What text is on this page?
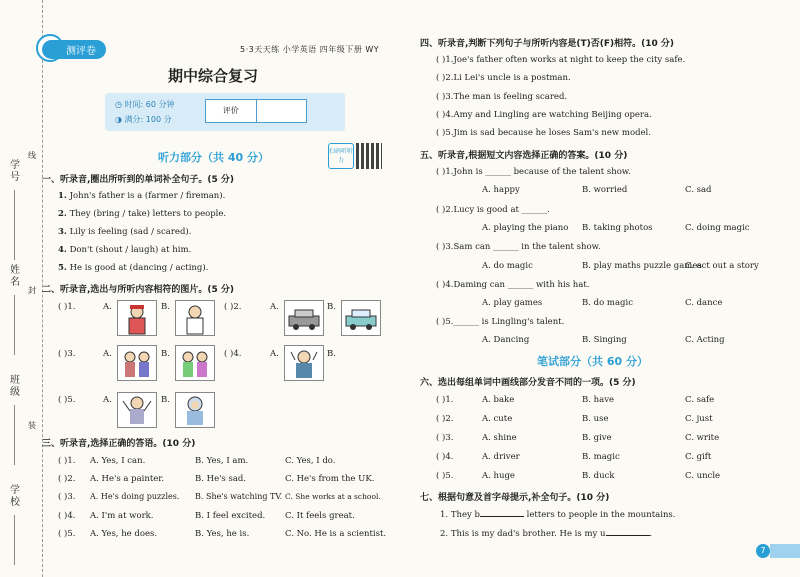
学号
姓名
班级
学校
线
封
装
测评卷	5·3天天练 小学英语 四年级下册 WY
期中综合复习
◷ 时间: 60 分钟
◑ 满分: 100 分
评价
扫码听听力
听力部分（共 40 分）
一、听录音,圈出所听到的单词补全句子。(5 分)
1. John's father is a (farmer / fireman).
2. They (bring / take) letters to people.
3. Lily is feeling (sad / scared).
4. Don't (shout / laugh) at him.
5. He is good at (dancing / acting).
二、听录音,选出与所听内容相符的图片。(5 分)
( )1.	A.	B.	( )2.	A.	B.
( )3.	A.	B.	( )4.	A.	B.
( )5.	A.	B.
三、听录音,选择正确的答语。(10 分)
( )1. A. Yes, I can.	B. Yes, I am.	C. Yes, I do.
( )2. A. He's a painter.	B. He's sad.	C. He's from the UK.
( )3. A. He's doing puzzles. B. She's watching TV. C. She works at a school.
( )4. A. I'm at work.	B. I feel excited. C. It feels great.
( )5. A. Yes, he does.	B. Yes, he is.	C. No. He is a scientist.
四、听录音,判断下列句子与所听内容是(T)否(F)相符。(10 分)
( )1.Joe's father often works at night to keep the city safe.
( )2.Li Lei's uncle is a postman.
( )3.The man is feeling scared.
( )4.Amy and Lingling are watching Beijing opera.
( )5.Jim is sad because he loses Sam's new model.
五、听录音,根据短文内容选择正确的答案。(10 分)
( )1.John is ______ because of the talent show.
A. happy	B. worried	C. sad
( )2.Lucy is good at ______.
A. playing the piano B. taking photos	C. doing magic
( )3.Sam can ______ in the talent show.
A. do magic	B. play maths puzzle games
C. act out a story
( )4.Daming can ______ with his hat.
A. play games	B. do magic	C. dance
( )5.______ is Lingling's talent.
A. Dancing	B. Singing	C. Acting
笔试部分（共 60 分）
六、选出每组单词中画线部分发音不同的一项。(5 分)
( )1.	A. bake	B. have	C. safe
( )2.	A. cute	B. use	C. just
( )3.	A. shine	B. give	C. write
( )4.	A. driver	B. magic	C. gift
( )5.	A. huge	B. duck	C. uncle
七、根据句意及首字母提示,补全句子。(10 分)
1. They b	letters to people in the mountains.
2. This is my dad's brother. He is my u	.
7
